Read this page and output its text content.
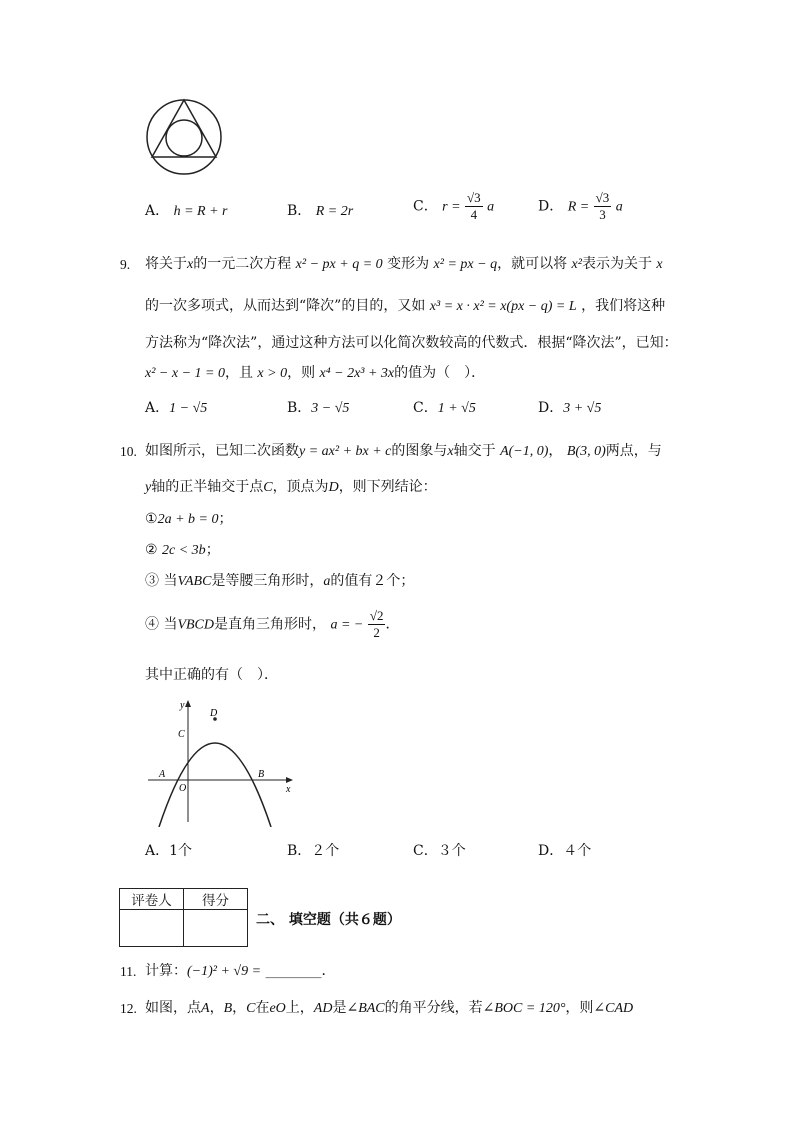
A． h = R + r	B． R = 2r	C． $r = \frac{√3}{4}$ a	D． $R = \frac{√3}{3}$ a
9. 将关于x的一元二次方程 x² − px + q = 0 变形为 x² = px − q，就可以将 x²表示为关于 x
的一次多项式，从而达到“降次”的目的，又如 x³ = x · x² = x(px − q) = L ，我们将这种
方法称为“降次法”，通过这种方法可以化简次数较高的代数式．根据“降次法”，已知：
x² − x − 1 = 0，且 x > 0，则 x⁴ − 2x³ + 3x的值为（　）．
A．1 − √5	B．3 − √5	C．1 + √5	D．3 + √5
10. 如图所示，已知二次函数y = ax² + bx + c的图象与x轴交于 A(−1, 0)， B(3, 0)两点，与
y轴的正半轴交于点C，顶点为D，则下列结论：
①2a + b = 0；
② 2c < 3b；
③ 当VABC是等腰三角形时，a的值有２个；
④ 当VBCD是直角三角形时， a = − $\frac{√2}{2}$ ．
其中正确的有（　）．
y
x
D
C
A	B
O
A．1个	B．２个	C．３个	D．４个
评卷人	得分

二、 填空题（共６题）
11. 计算：(−1)² + √9 = ________．
12. 如图，点A，B，C在eO上，AD是∠BAC的角平分线，若∠BOC = 120°，则∠CAD
